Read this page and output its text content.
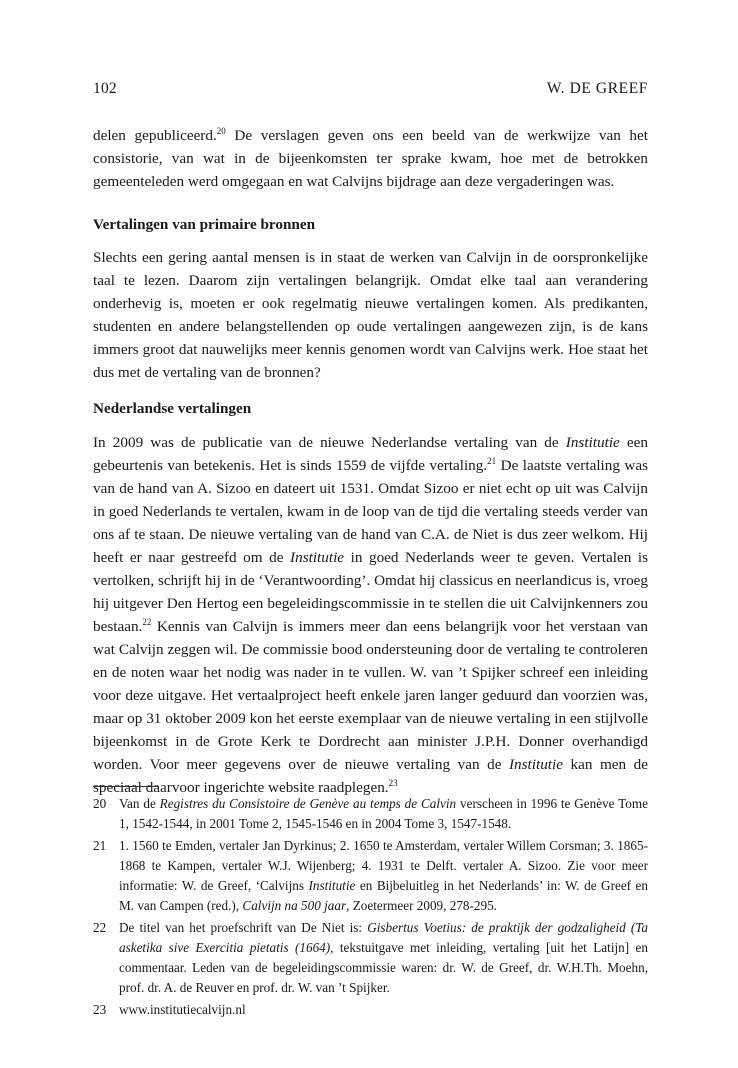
102	W. DE GREEF
delen gepubliceerd.$^{20}$ De verslagen geven ons een beeld van de werkwijze van het consistorie, van wat in de bijeenkomsten ter sprake kwam, hoe met de betrokken gemeenteleden werd omgegaan en wat Calvijns bijdrage aan deze vergaderingen was.
Vertalingen van primaire bronnen
Slechts een gering aantal mensen is in staat de werken van Calvijn in de oorspronkelijke taal te lezen. Daarom zijn vertalingen belangrijk. Omdat elke taal aan verandering onderhevig is, moeten er ook regelmatig nieuwe vertalingen komen. Als predikanten, studenten en andere belangstellenden op oude vertalingen aangewezen zijn, is de kans immers groot dat nauwelijks meer kennis genomen wordt van Calvijns werk. Hoe staat het dus met de vertaling van de bronnen?
Nederlandse vertalingen
In 2009 was de publicatie van de nieuwe Nederlandse vertaling van de Institutie een gebeurtenis van betekenis. Het is sinds 1559 de vijfde vertaling.$^{21}$ De laatste vertaling was van de hand van A. Sizoo en dateert uit 1531. Omdat Sizoo er niet echt op uit was Calvijn in goed Nederlands te vertalen, kwam in de loop van de tijd die vertaling steeds verder van ons af te staan. De nieuwe vertaling van de hand van C.A. de Niet is dus zeer welkom. Hij heeft er naar gestreefd om de Institutie in goed Nederlands weer te geven. Vertalen is vertolken, schrijft hij in de ‘Verantwoording’. Omdat hij classicus en neerlandicus is, vroeg hij uitgever Den Hertog een begeleidingscommissie in te stellen die uit Calvijnkenners zou bestaan.$^{22}$ Kennis van Calvijn is immers meer dan eens belangrijk voor het verstaan van wat Calvijn zeggen wil. De commissie bood ondersteuning door de vertaling te controleren en de noten waar het nodig was nader in te vullen. W. van ’t Spijker schreef een inleiding voor deze uitgave. Het vertaalproject heeft enkele jaren langer geduurd dan voorzien was, maar op 31 oktober 2009 kon het eerste exemplaar van de nieuwe vertaling in een stijlvolle bijeenkomst in de Grote Kerk te Dordrecht aan minister J.P.H. Donner overhandigd worden. Voor meer gegevens over de nieuwe vertaling van de Institutie kan men de speciaal daarvoor ingerichte website raadplegen.$^{23}$
20 Van de Registres du Consistoire de Genève au temps de Calvin verscheen in 1996 te Genève Tome 1, 1542-1544, in 2001 Tome 2, 1545-1546 en in 2004 Tome 3, 1547-1548.
21 1. 1560 te Emden, vertaler Jan Dyrkinus; 2. 1650 te Amsterdam, vertaler Willem Corsman; 3. 1865-1868 te Kampen, vertaler W.J. Wijenberg; 4. 1931 te Delft. vertaler A. Sizoo. Zie voor meer informatie: W. de Greef, ‘Calvijns Institutie en Bijbeluitleg in het Nederlands’ in: W. de Greef en M. van Campen (red.), Calvijn na 500 jaar, Zoetermeer 2009, 278-295.
22 De titel van het proefschrift van De Niet is: Gisbertus Voetius: de praktijk der godzaligheid (Ta asketika sive Exercitia pietatis (1664), tekstuitgave met inleiding, vertaling [uit het Latijn] en commentaar. Leden van de begeleidingscommissie waren: dr. W. de Greef, dr. W.H.Th. Moehn, prof. dr. A. de Reuver en prof. dr. W. van ’t Spijker.
23 www.institutiecalvijn.nl
